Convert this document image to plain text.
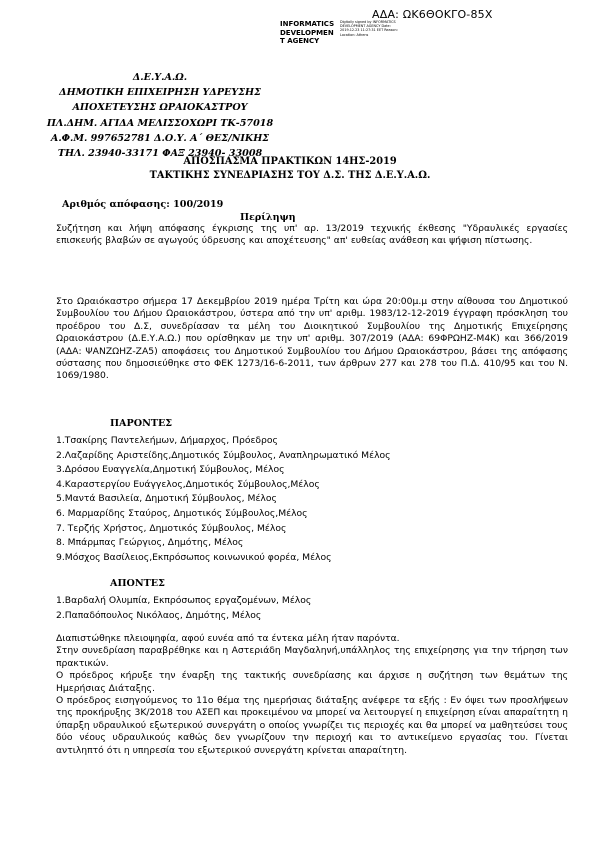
ΑΔΑ: ΩΚ6ΘΟΚΓΟ-85Χ
INFORMATICS
DEVELOPMEN
T AGENCY
Digitally signed by INFORMATICS DEVELOPMENT AGENCY Date: 2019.12.23 11:27:31 EET Reason: Location: Athens
Δ.Ε.Υ.Α.Ω.
ΔΗΜΟΤΙΚΗ ΕΠΙΧΕΙΡΗΣΗ ΥΔΡΕΥΣΗΣ
ΑΠΟΧΕΤΕΥΣΗΣ ΩΡΑΙΟΚΑΣΤΡΟΥ
ΠΛ.ΔΗΜ. ΑΓΙΔΑ ΜΕΛΙΣΣΟΧΩΡΙ ΤΚ-57018
Α.Φ.Μ. 997652781 Δ.Ο.Υ. Α΄ ΘΕΣ/ΝΙΚΗΣ
ΤΗΛ. 23940-33171 ΦΑΞ 23940- 33008
ΑΠΟΣΠΑΣΜΑ ΠΡΑΚΤΙΚΩΝ 14ΗΣ-2019
ΤΑΚΤΙΚΗΣ ΣΥΝΕΔΡΙΑΣΗΣ ΤΟΥ Δ.Σ. ΤΗΣ Δ.Ε.Υ.Α.Ω.
Αριθμός απόφασης: 100/2019
Περίληψη
Συζήτηση και λήψη απόφασης έγκρισης της υπ' αρ. 13/2019 τεχνικής έκθεσης "Υδραυλικές εργασίες επισκευής βλαβών σε αγωγούς ύδρευσης και αποχέτευσης" απ' ευθείας ανάθεση και ψήφιση πίστωσης.
Στο Ωραιόκαστρο σήμερα 17 Δεκεμβρίου 2019 ημέρα Τρίτη και ώρα 20:00μ.μ στην αίθουσα του Δημοτικού Συμβουλίου του Δήμου Ωραιοκάστρου, ύστερα από την υπ' αριθμ. 1983/12-12-2019 έγγραφη πρόσκληση του προέδρου του Δ.Σ, συνεδρίασαν τα μέλη του Διοικητικού Συμβουλίου της Δημοτικής Επιχείρησης Ωραιοκάστρου (Δ.Ε.Υ.Α.Ω.) που ορίσθηκαν με την υπ' αριθμ. 307/2019 (ΑΔΑ: 69ΦΡΩΗΖ-Μ4Κ) και 366/2019 (ΑΔΑ: ΨΑΝΖΩΗΖ-ΖΑ5) αποφάσεις του Δημοτικού Συμβουλίου του Δήμου Ωραιοκάστρου, βάσει της απόφασης σύστασης που δημοσιεύθηκε στο ΦΕΚ 1273/16-6-2011, των άρθρων 277 και 278 του Π.Δ. 410/95 και του Ν. 1069/1980.
ΠΑΡΟΝΤΕΣ
1.Τσακίρης Παντελεήμων, Δήμαρχος, Πρόεδρος
2.Λαζαρίδης Αριστείδης,Δημοτικός Σύμβουλος, Αναπληρωματικό Μέλος
3.Δρόσου Ευαγγελία,Δημοτική Σύμβουλος, Μέλος
4.Καραστεργίου Ευάγγελος,Δημοτικός Σύμβουλος,Μέλος
5.Μαντά Βασιλεία, Δημοτική Σύμβουλος, Μέλος
6. Μαρμαρίδης Σταύρος, Δημοτικός Σύμβουλος,Μέλος
7. Τερζής Χρήστος, Δημοτικός Σύμβουλος, Μέλος
8. Μπάρμπας Γεώργιος, Δημότης, Μέλος
9.Μόσχος Βασίλειος,Εκπρόσωπος κοινωνικού φορέα, Μέλος
ΑΠΟΝΤΕΣ
1.Βαρδαλή Ολυμπία, Εκπρόσωπος εργαζομένων, Μέλος
2.Παπαδόπουλος Νικόλαος, Δημότης, Μέλος

Διαπιστώθηκε πλειοψηφία, αφού ευνέα από τα έντεκα μέλη ήταν παρόντα.

Στην συνεδρίαση παραβρέθηκε και η Αστεριάδη Μαγδαληνή,υπάλληλος της επιχείρησης για την τήρηση των πρακτικών.

Ο πρόεδρος κήρυξε την έναρξη της τακτικής συνεδρίασης και άρχισε η συζήτηση των θεμάτων της Ημερήσιας Διάταξης.

Ο πρόεδρος εισηγούμενος το 11ο θέμα της ημερήσιας διάταξης ανέφερε τα εξής : Εν όψει των προσλήψεων της προκήρυξης 3Κ/2018 του ΑΣΕΠ και προκειμένου να μπορεί να λειτουργεί η επιχείρηση είναι απαραίτητη η ύπαρξη υδραυλικού εξωτερικού συνεργάτη ο οποίος γνωρίζει τις περιοχές και θα μπορεί να μαθητεύσει τους δύο νέους υδραυλικούς καθώς δεν γνωρίζουν την περιοχή και το αντικείμενο εργασίας του. Γίνεται αντιληπτό ότι η υπηρεσία του εξωτερικού συνεργάτη κρίνεται απαραίτητη.
